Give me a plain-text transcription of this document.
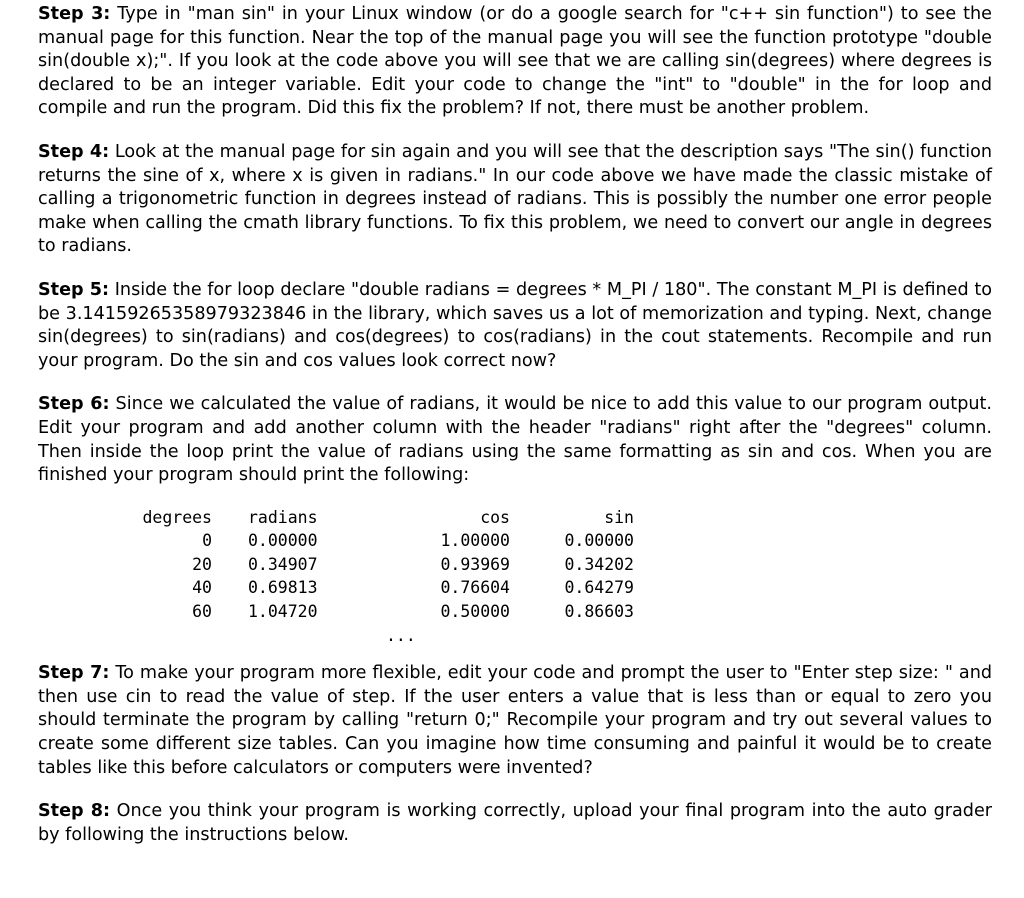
Step 3: Type in "man sin" in your Linux window (or do a google search for "c++ sin function") to see the manual page for this function. Near the top of the manual page you will see the function prototype "double sin(double x);". If you look at the code above you will see that we are calling sin(degrees) where degrees is declared to be an integer variable. Edit your code to change the "int" to "double" in the for loop and compile and run the program. Did this fix the problem? If not, there must be another problem.

Step 4: Look at the manual page for sin again and you will see that the description says "The sin() function returns the sine of x, where x is given in radians." In our code above we have made the classic mistake of calling a trigonometric function in degrees instead of radians. This is possibly the number one error people make when calling the cmath library functions. To fix this problem, we need to convert our angle in degrees to radians.

Step 5: Inside the for loop declare "double radians = degrees * M_PI / 180". The constant M_PI is defined to be 3.14159265358979323846 in the library, which saves us a lot of memorization and typing. Next, change sin(degrees) to sin(radians) and cos(degrees) to cos(radians) in the cout statements. Recompile and run your program. Do the sin and cos values look correct now?

Step 6: Since we calculated the value of radians, it would be nice to add this value to our program output. Edit your program and add another column with the header "radians" right after the "degrees" column. Then inside the loop print the value of radians using the same formatting as sin and cos. When you are finished your program should print the following:

degrees	radians	cos	sin
0	0.00000	1.00000	0.00000
20	0.34907	0.93969	0.34202
40	0.69813	0.76604	0.64279
60	1.04720	0.50000	0.86603
		...	

Step 7: To make your program more flexible, edit your code and prompt the user to "Enter step size: " and then use cin to read the value of step. If the user enters a value that is less than or equal to zero you should terminate the program by calling "return 0;" Recompile your program and try out several values to create some different size tables. Can you imagine how time consuming and painful it would be to create tables like this before calculators or computers were invented?

Step 8: Once you think your program is working correctly, upload your final program into the auto grader by following the instructions below.
